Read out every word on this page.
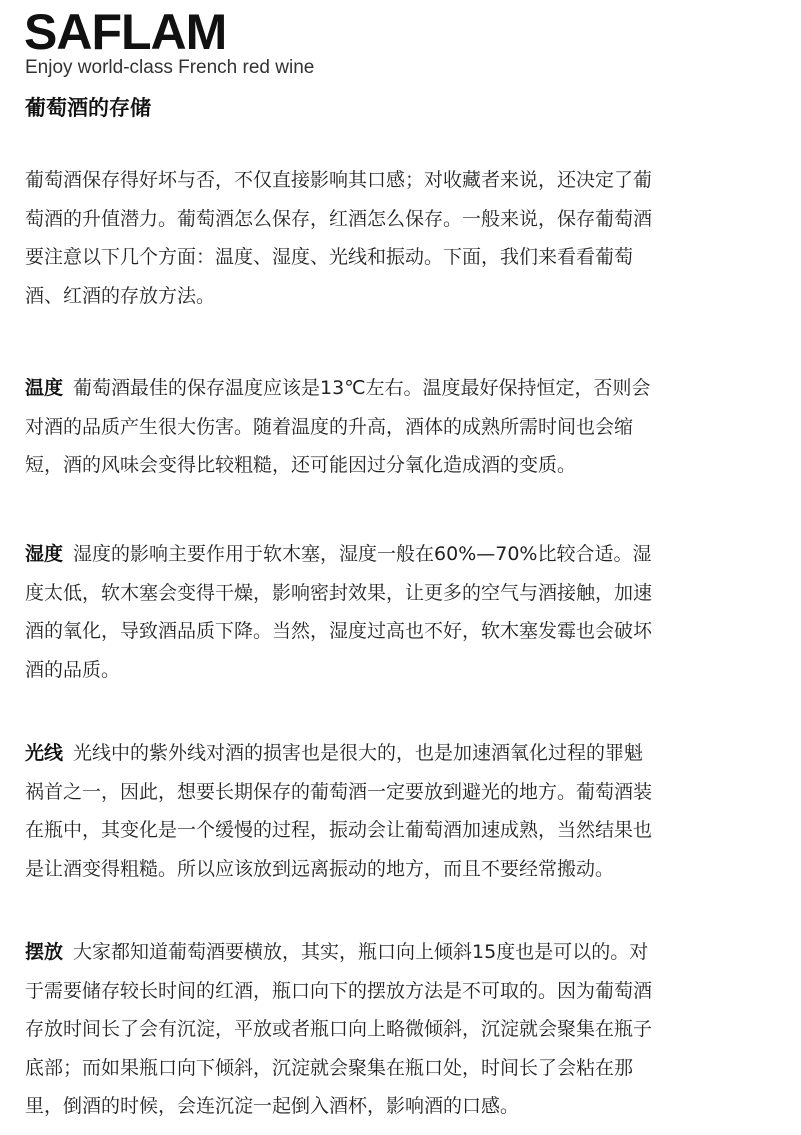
SAFLAM
Enjoy world-class French red wine
葡萄酒的存储

葡萄酒保存得好坏与否，不仅直接影响其口感；对收藏者来说，还决定了葡萄酒的升值潜力。葡萄酒怎么保存，红酒怎么保存。一般来说，保存葡萄酒要注意以下几个方面：温度、湿度、光线和振动。下面，我们来看看葡萄酒、红酒的存放方法。

温度 葡萄酒最佳的保存温度应该是13℃左右。温度最好保持恒定，否则会对酒的品质产生很大伤害。随着温度的升高，酒体的成熟所需时间也会缩短，酒的风味会变得比较粗糙，还可能因过分氧化造成酒的变质。

湿度 湿度的影响主要作用于软木塞，湿度一般在60%—70%比较合适。湿度太低，软木塞会变得干燥，影响密封效果，让更多的空气与酒接触，加速酒的氧化，导致酒品质下降。当然，湿度过高也不好，软木塞发霉也会破坏酒的品质。

光线 光线中的紫外线对酒的损害也是很大的，也是加速酒氧化过程的罪魁祸首之一，因此，想要长期保存的葡萄酒一定要放到避光的地方。葡萄酒装在瓶中，其变化是一个缓慢的过程，振动会让葡萄酒加速成熟，当然结果也是让酒变得粗糙。所以应该放到远离振动的地方，而且不要经常搬动。

摆放 大家都知道葡萄酒要横放，其实，瓶口向上倾斜15度也是可以的。对于需要储存较长时间的红酒，瓶口向下的摆放方法是不可取的。因为葡萄酒存放时间长了会有沉淀，平放或者瓶口向上略微倾斜，沉淀就会聚集在瓶子底部；而如果瓶口向下倾斜，沉淀就会聚集在瓶口处，时间长了会粘在那里，倒酒的时候，会连沉淀一起倒入酒杯，影响酒的口感。
